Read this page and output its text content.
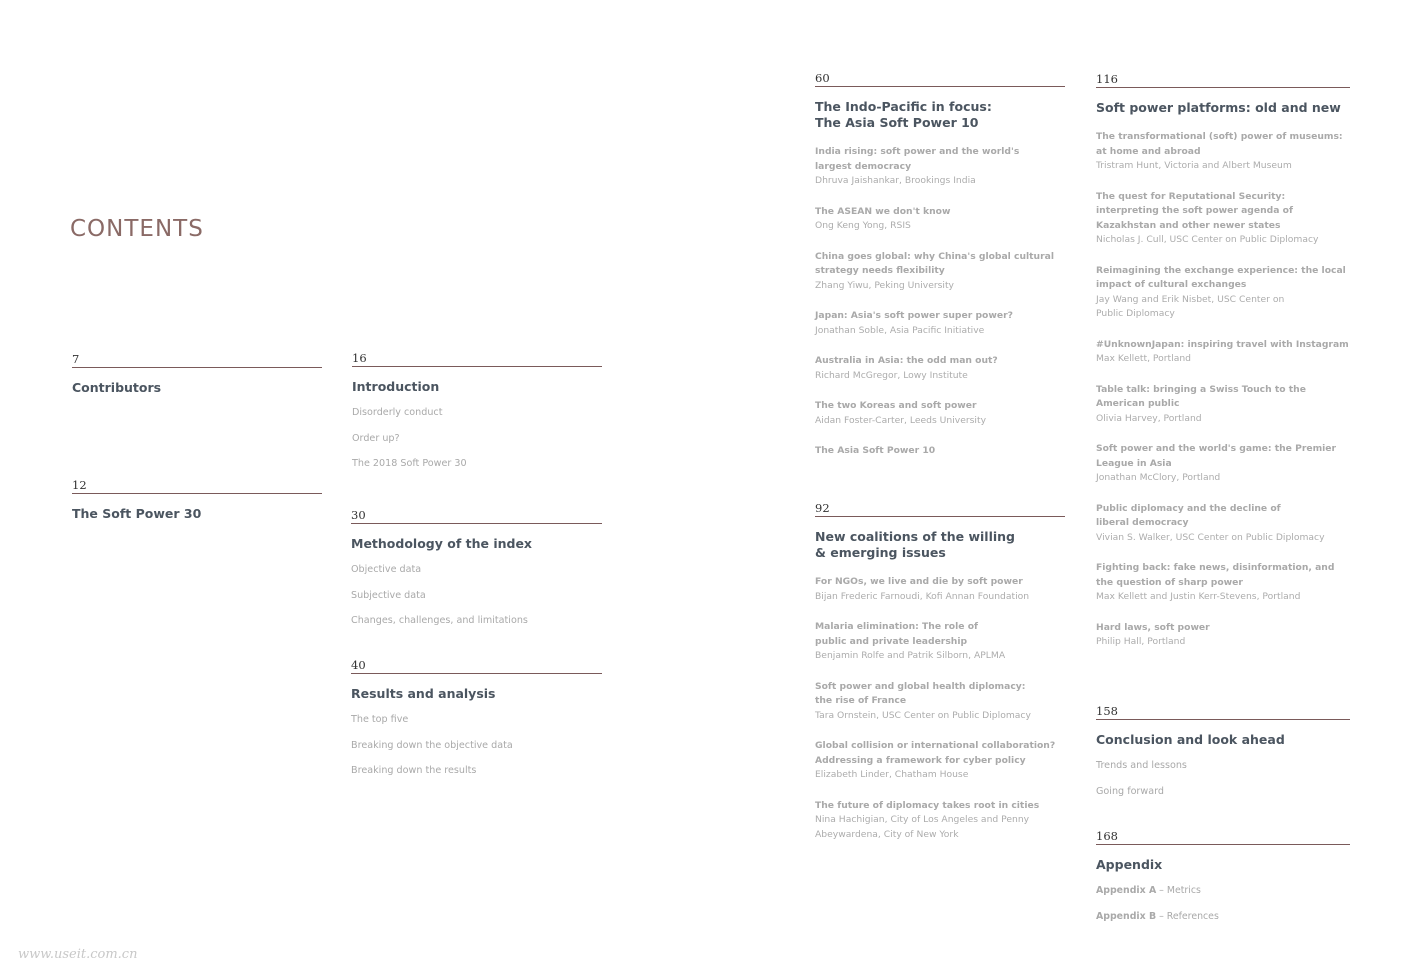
CONTENTS
7
Contributors
12
The Soft Power 30
16
Introduction
Disorderly conduct
Order up?
The 2018 Soft Power 30
30
Methodology of the index
Objective data
Subjective data
Changes, challenges, and limitations
40
Results and analysis
The top five
Breaking down the objective data
Breaking down the results
60
The Indo-Pacific in focus:
The Asia Soft Power 10
India rising: soft power and the world's largest democracy
Dhruva Jaishankar, Brookings India
The ASEAN we don't know
Ong Keng Yong, RSIS
China goes global: why China's global cultural strategy needs flexibility
Zhang Yiwu, Peking University
Japan: Asia's soft power super power?
Jonathan Soble, Asia Pacific Initiative
Australia in Asia: the odd man out?
Richard McGregor, Lowy Institute
The two Koreas and soft power
Aidan Foster-Carter, Leeds University
The Asia Soft Power 10
92
New coalitions of the willing & emerging issues
For NGOs, we live and die by soft power
Bijan Frederic Farnoudi, Kofi Annan Foundation
Malaria elimination: The role of public and private leadership
Benjamin Rolfe and Patrik Silborn, APLMA
Soft power and global health diplomacy: the rise of France
Tara Ornstein, USC Center on Public Diplomacy
Global collision or international collaboration? Addressing a framework for cyber policy
Elizabeth Linder, Chatham House
The future of diplomacy takes root in cities
Nina Hachigian, City of Los Angeles and Penny Abeywardena, City of New York
116
Soft power platforms: old and new
The transformational (soft) power of museums: at home and abroad
Tristram Hunt, Victoria and Albert Museum
The quest for Reputational Security: interpreting the soft power agenda of Kazakhstan and other newer states
Nicholas J. Cull, USC Center on Public Diplomacy
Reimagining the exchange experience: the local impact of cultural exchanges
Jay Wang and Erik Nisbet, USC Center on Public Diplomacy
#UnknownJapan: inspiring travel with Instagram
Max Kellett, Portland
Table talk: bringing a Swiss Touch to the American public
Olivia Harvey, Portland
Soft power and the world's game: the Premier League in Asia
Jonathan McClory, Portland
Public diplomacy and the decline of liberal democracy
Vivian S. Walker, USC Center on Public Diplomacy
Fighting back: fake news, disinformation, and the question of sharp power
Max Kellett and Justin Kerr-Stevens, Portland
Hard laws, soft power
Philip Hall, Portland
158
Conclusion and look ahead
Trends and lessons
Going forward
168
Appendix
Appendix A – Metrics
Appendix B – References
www.useit.com.cn
